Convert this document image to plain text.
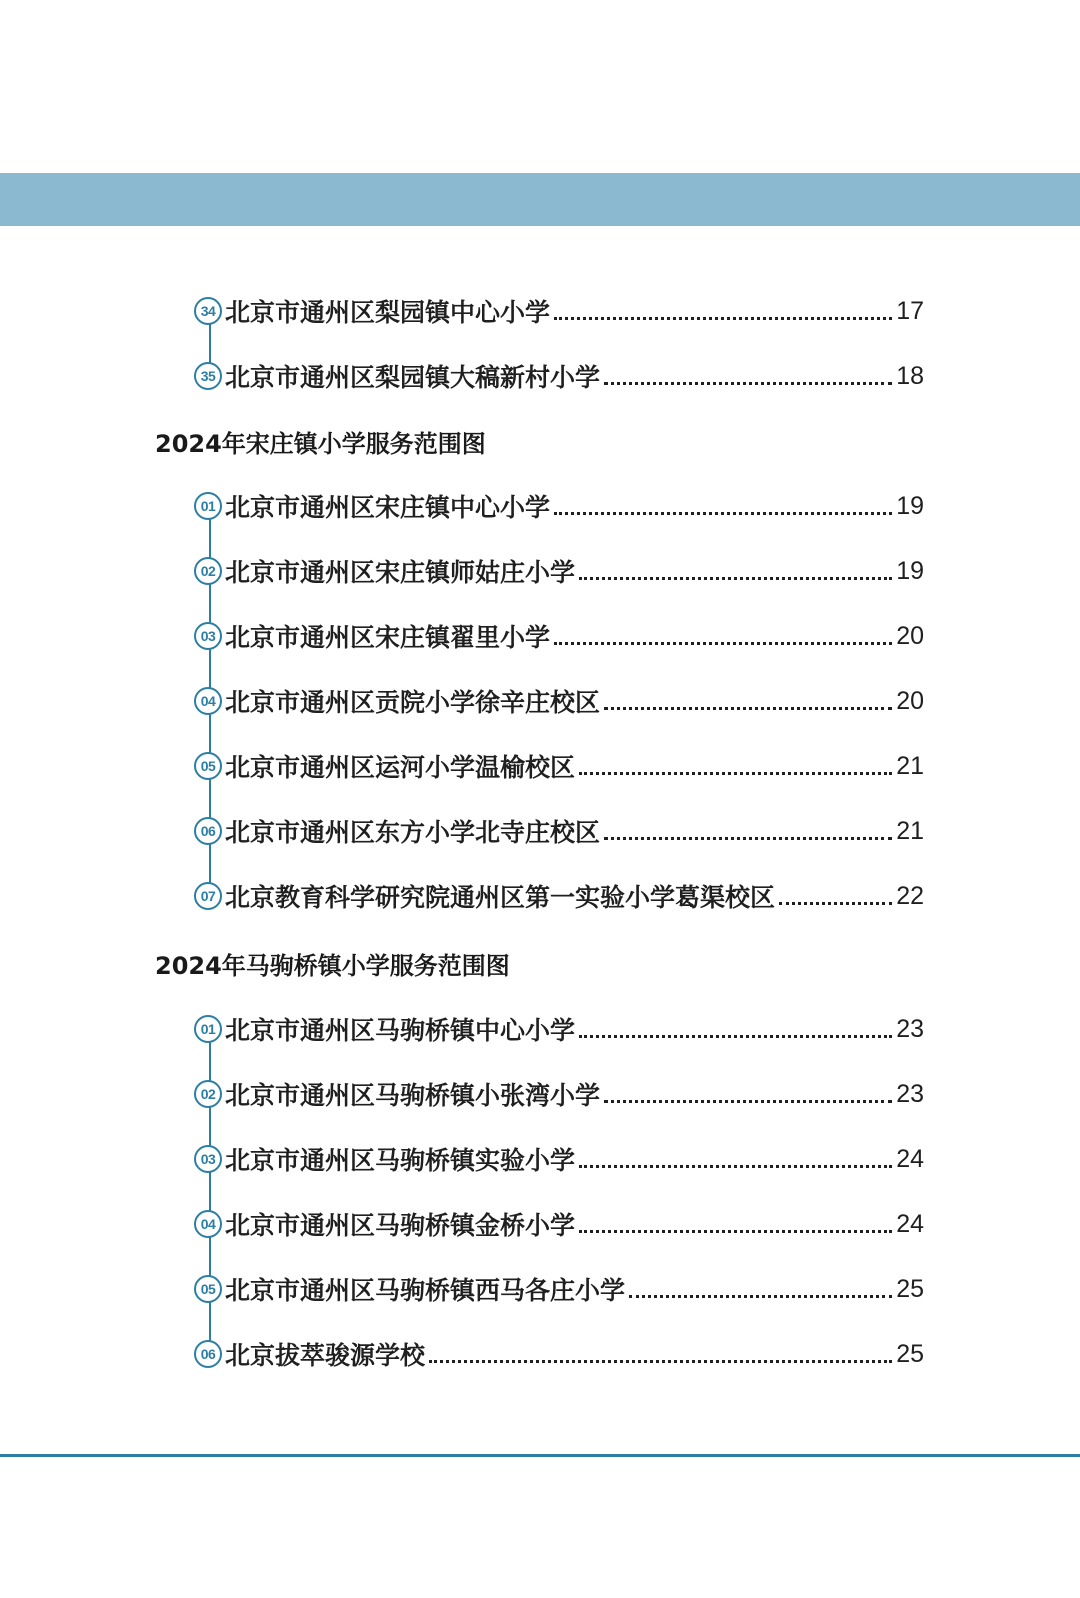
34 北京市通州区梨园镇中心小学	17
35 北京市通州区梨园镇大稿新村小学	18
2024年宋庄镇小学服务范围图
01 北京市通州区宋庄镇中心小学	19
02 北京市通州区宋庄镇师姑庄小学	19
03 北京市通州区宋庄镇翟里小学	20
04 北京市通州区贡院小学徐辛庄校区	20
05 北京市通州区运河小学温榆校区	21
06 北京市通州区东方小学北寺庄校区	21
07 北京教育科学研究院通州区第一实验小学葛渠校区	22
2024年马驹桥镇小学服务范围图
01 北京市通州区马驹桥镇中心小学	23
02 北京市通州区马驹桥镇小张湾小学	23
03 北京市通州区马驹桥镇实验小学	24
04 北京市通州区马驹桥镇金桥小学	24
05 北京市通州区马驹桥镇西马各庄小学	25
06 北京拔萃骏源学校	25
